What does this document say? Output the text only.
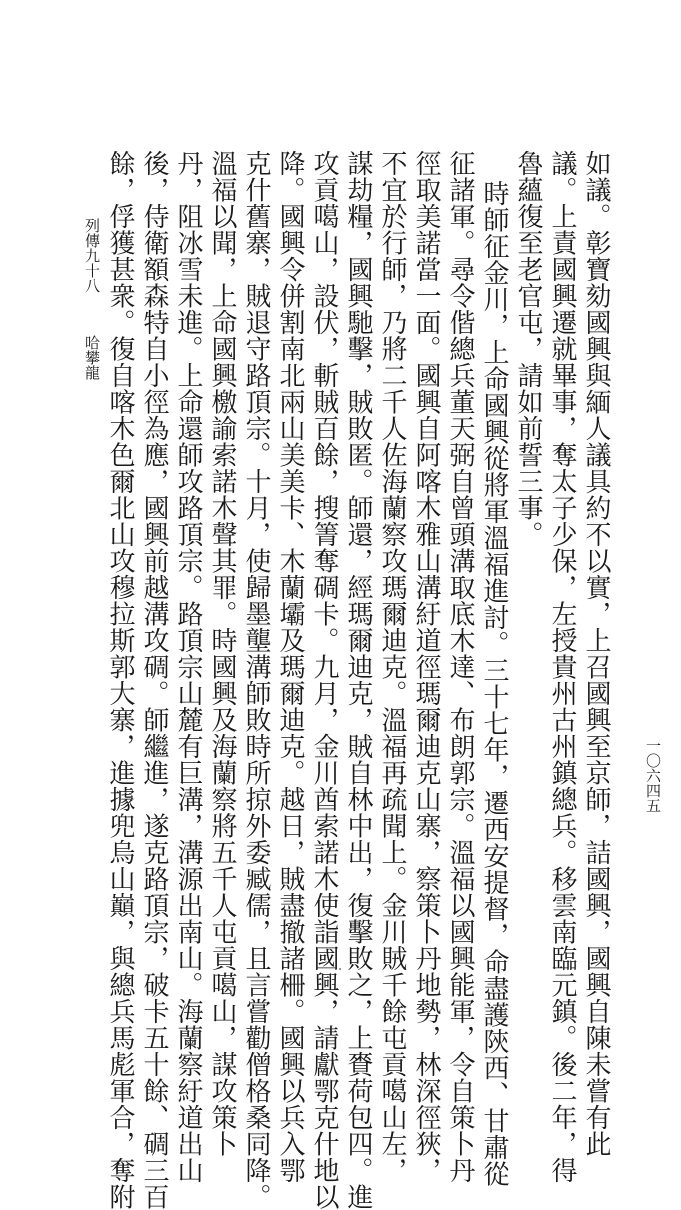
如議。彰寶劾國興與緬人議具約不以實，上召國興至京師，詰國興，國興自陳未嘗有此
議。上責國興遷就畢事，奪太子少保，左授貴州古州鎮總兵。移雲南臨元鎮。後二年，得
魯蘊復至老官屯，請如前誓三事。
時師征金川，上命國興從將軍溫福進討。三十七年，遷西安提督，命盡護陝西、甘肅從
征諸軍。尋令偕總兵董天弼自曾頭溝取底木達、布朗郭宗。溫福以國興能軍，令自策卜丹
徑取美諾當一面。國興自阿喀木雅山溝紆道徑瑪爾迪克山寨，察策卜丹地勢，林深徑狹，
不宜於行師，乃將二千人佐海蘭察攻瑪爾迪克。溫福再疏聞上。金川賊千餘屯貢噶山左，
謀劫糧，國興馳擊，賊敗匿。師還，經瑪爾迪克，賊自林中出，復擊敗之，上賚荷包四。進
攻貢噶山，設伏，斬賊百餘，搜箐奪碉卡。九月，金川酋索諾木使詣國興，請獻鄂克什地以
降。國興令併割南北兩山美美卡、木蘭壩及瑪爾迪克。越日，賊盡撤諸柵。國興以兵入鄂
克什舊寨，賊退守路頂宗。十月，使歸墨壟溝師敗時所掠外委臧儒，且言嘗勸僧格桑同降。
溫福以聞，上命國興檄諭索諾木聲其罪。時國興及海蘭察將五千人屯貢噶山，謀攻策卜
丹，阻冰雪未進。上命還師攻路頂宗。路頂宗山麓有巨溝，溝源出南山。海蘭察紆道出山
後，侍衛額森特自小徑為應，國興前越溝攻碉。師繼進，遂克路頂宗，破卡五十餘、碉三百
餘，俘獲甚衆。復自喀木色爾北山攻穆拉斯郭大寨，進據兜烏山巔，與總兵馬彪軍合，奪附
列傳九十八哈攀龍
一〇六四五
